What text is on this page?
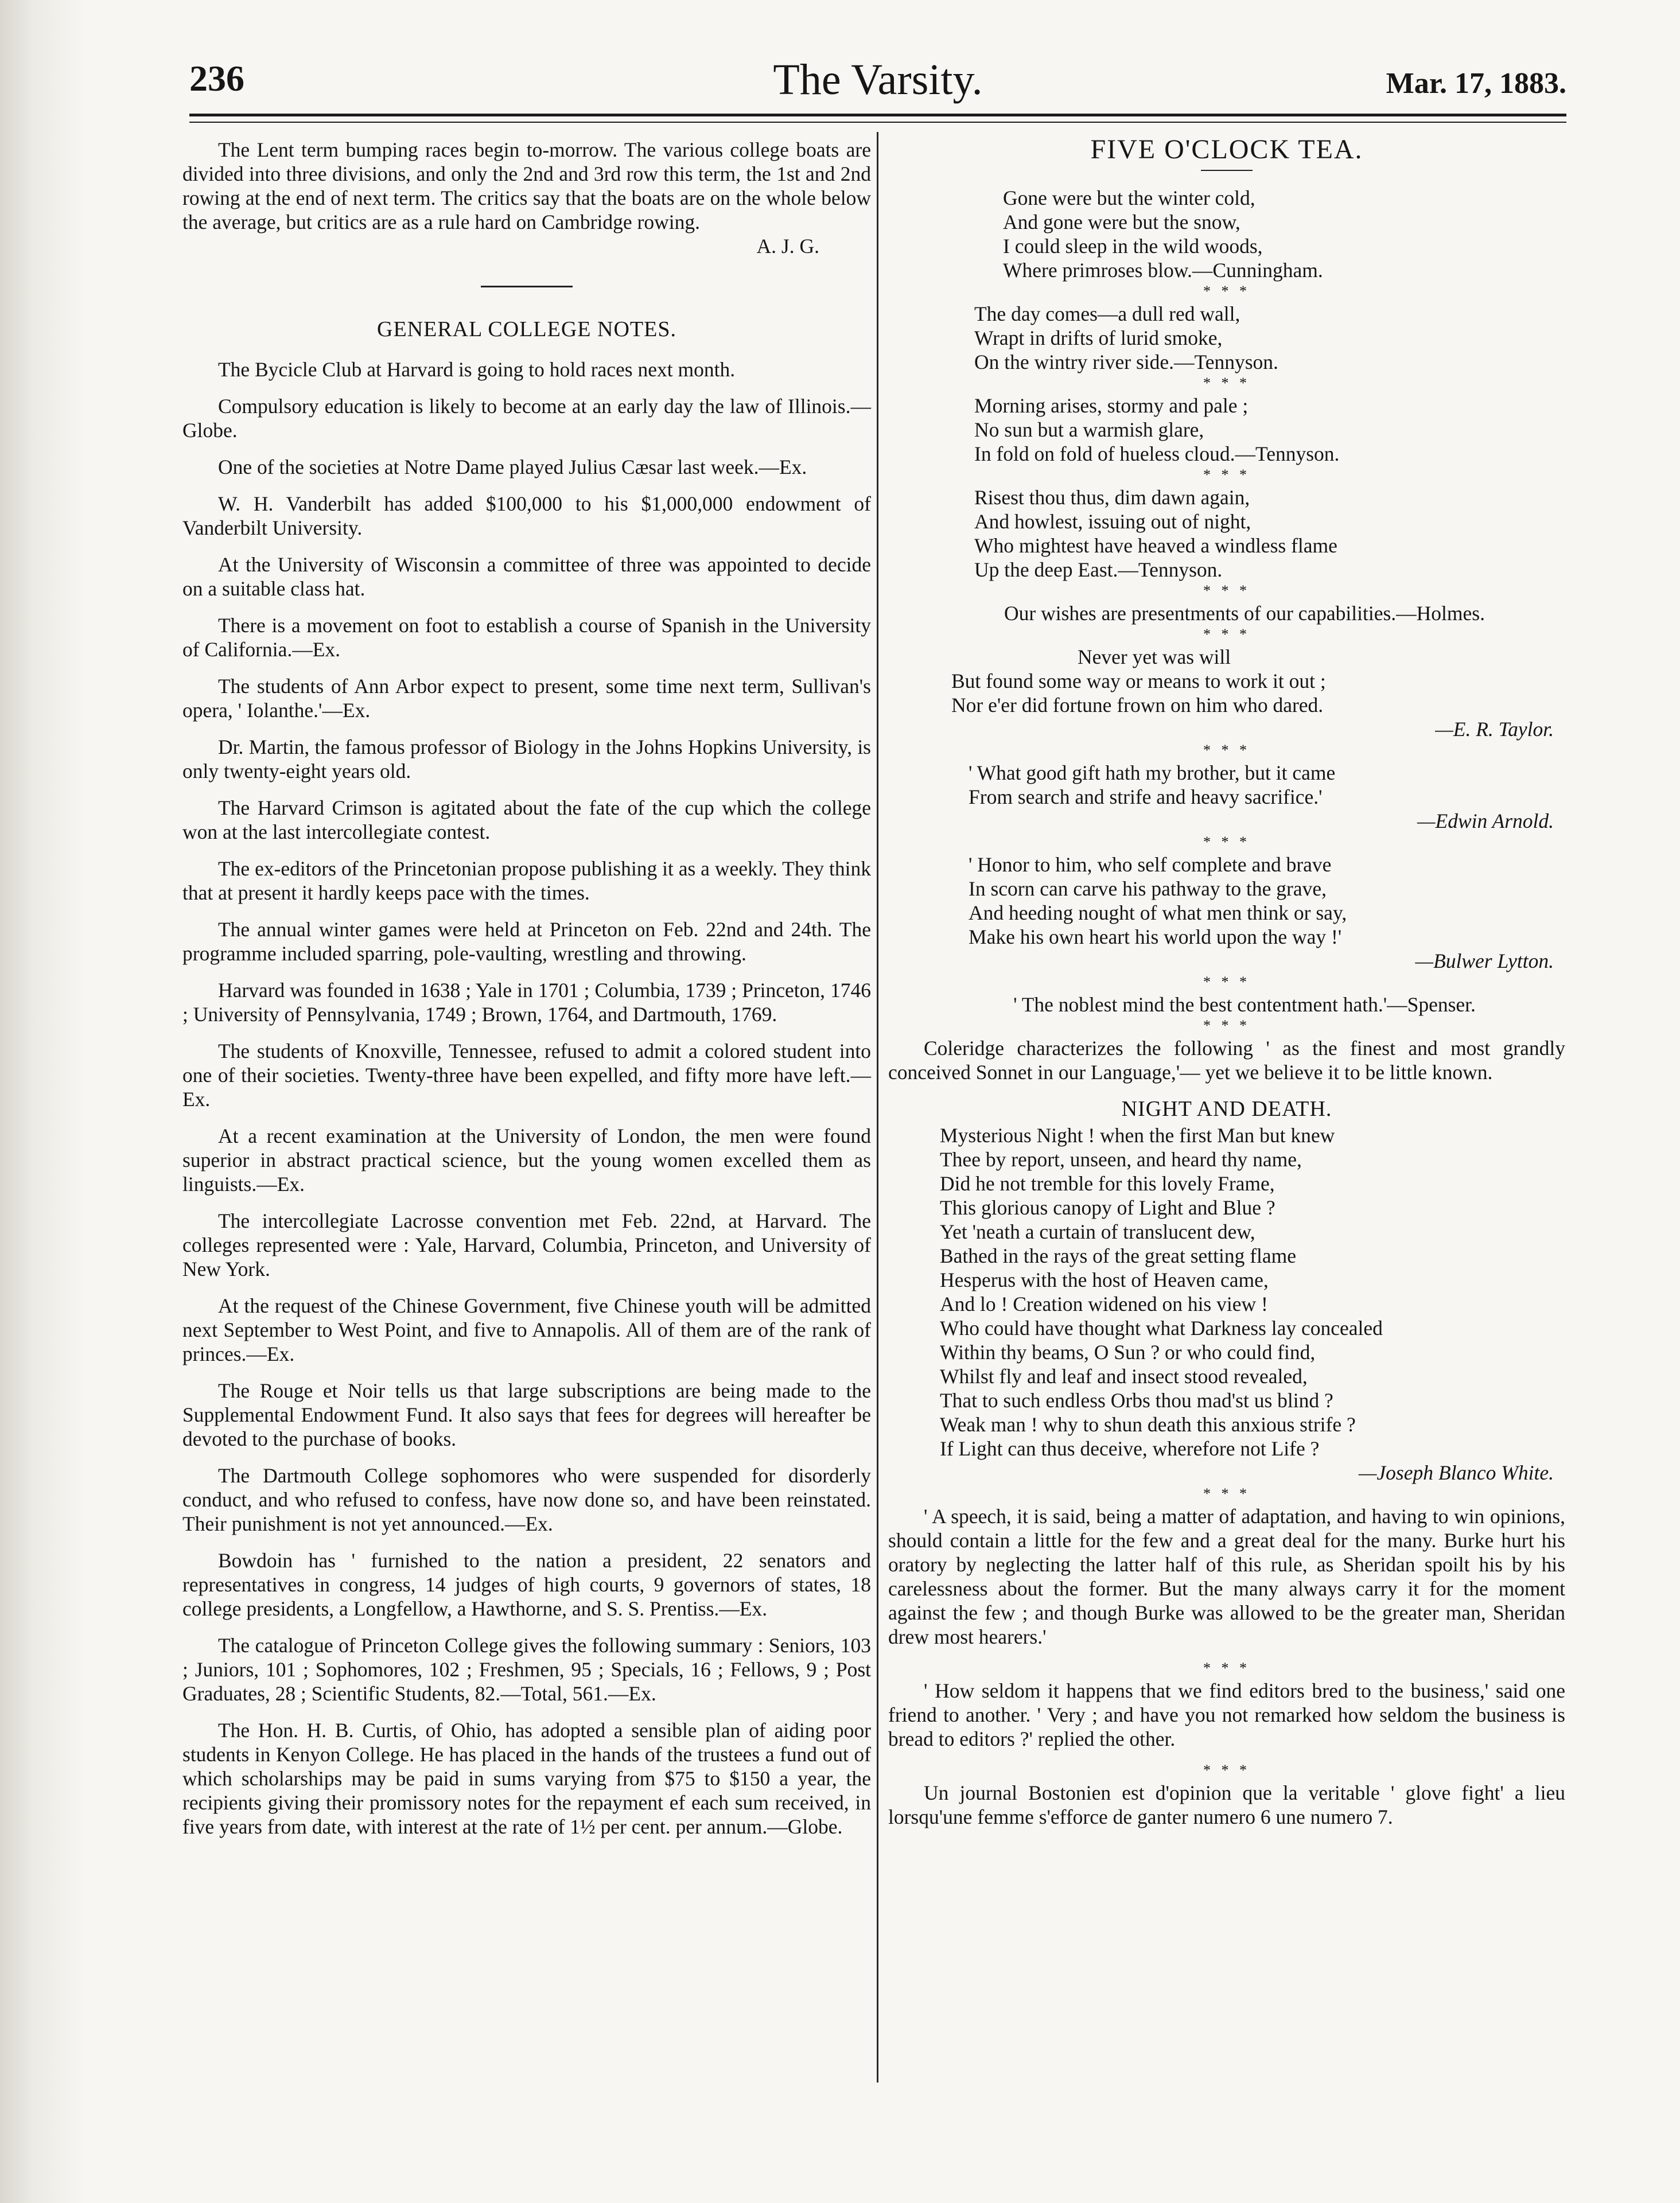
236	The Varsity.	Mar. 17, 1883.

The Lent term bumping races begin to-morrow. The various college boats are divided into three divisions, and only the 2nd and 3rd row this term, the 1st and 2nd rowing at the end of next term. The critics say that the boats are on the whole below the average, but critics are as a rule hard on Cambridge rowing.

A. J. G.

GENERAL COLLEGE NOTES.

The Bycicle Club at Harvard is going to hold races next month.

Compulsory education is likely to become at an early day the law of Illinois.—Globe.

One of the societies at Notre Dame played Julius Cæsar last week.—Ex.

W. H. Vanderbilt has added $100,000 to his $1,000,000 endowment of Vanderbilt University.

At the University of Wisconsin a committee of three was appointed to decide on a suitable class hat.

There is a movement on foot to establish a course of Spanish in the University of California.—Ex.

The students of Ann Arbor expect to present, some time next term, Sullivan's opera, ' Iolanthe.'—Ex.

Dr. Martin, the famous professor of Biology in the Johns Hopkins University, is only twenty-eight years old.

The Harvard Crimson is agitated about the fate of the cup which the college won at the last intercollegiate contest.

The ex-editors of the Princetonian propose publishing it as a weekly. They think that at present it hardly keeps pace with the times.

The annual winter games were held at Princeton on Feb. 22nd and 24th. The programme included sparring, pole-vaulting, wrestling and throwing.

Harvard was founded in 1638 ; Yale in 1701 ; Columbia, 1739 ; Princeton, 1746 ; University of Pennsylvania, 1749 ; Brown, 1764, and Dartmouth, 1769.

The students of Knoxville, Tennessee, refused to admit a colored student into one of their societies. Twenty-three have been expelled, and fifty more have left.—Ex.

At a recent examination at the University of London, the men were found superior in abstract practical science, but the young women excelled them as linguists.—Ex.

The intercollegiate Lacrosse convention met Feb. 22nd, at Harvard. The colleges represented were : Yale, Harvard, Columbia, Princeton, and University of New York.

At the request of the Chinese Government, five Chinese youth will be admitted next September to West Point, and five to Annapolis. All of them are of the rank of princes.—Ex.

The Rouge et Noir tells us that large subscriptions are being made to the Supplemental Endowment Fund. It also says that fees for degrees will hereafter be devoted to the purchase of books.

The Dartmouth College sophomores who were suspended for disorderly conduct, and who refused to confess, have now done so, and have been reinstated. Their punishment is not yet announced.—Ex.

Bowdoin has ' furnished to the nation a president, 22 senators and representatives in congress, 14 judges of high courts, 9 governors of states, 18 college presidents, a Longfellow, a Hawthorne, and S. S. Prentiss.—Ex.

The catalogue of Princeton College gives the following summary : Seniors, 103 ; Juniors, 101 ; Sophomores, 102 ; Freshmen, 95 ; Specials, 16 ; Fellows, 9 ; Post Graduates, 28 ; Scientific Students, 82.—Total, 561.—Ex.

The Hon. H. B. Curtis, of Ohio, has adopted a sensible plan of aiding poor students in Kenyon College. He has placed in the hands of the trustees a fund out of which scholarships may be paid in sums varying from $75 to $150 a year, the recipients giving their promissory notes for the repayment ef each sum received, in five years from date, with interest at the rate of 1½ per cent. per annum.—Globe.

FIVE O'CLOCK TEA.
Gone were but the winter cold,
And gone were but the snow,
I could sleep in the wild woods,
Where primroses blow.—Cunningham.
* * *
The day comes—a dull red wall,
Wrapt in drifts of lurid smoke,
On the wintry river side.—Tennyson.
* * *
Morning arises, stormy and pale ;
No sun but a warmish glare,
In fold on fold of hueless cloud.—Tennyson.
* * *
Risest thou thus, dim dawn again,
And howlest, issuing out of night,
Who mightest have heaved a windless flame
Up the deep East.—Tennyson.
* * *

Our wishes are presentments of our capabilities.—Holmes.

* * *
Never yet was will
But found some way or means to work it out ;
Nor e'er did fortune frown on him who dared.
—E. R. Taylor.
* * *
' What good gift hath my brother, but it came
From search and strife and heavy sacrifice.'
—Edwin Arnold.
* * *
' Honor to him, who self complete and brave
In scorn can carve his pathway to the grave,
And heeding nought of what men think or say,
Make his own heart his world upon the way !'
—Bulwer Lytton.
* * *

' The noblest mind the best contentment hath.'—Spenser.

* * *

Coleridge characterizes the following ' as the finest and most grandly conceived Sonnet in our Language,'— yet we believe it to be little known.

NIGHT AND DEATH.
Mysterious Night ! when the first Man but knew
Thee by report, unseen, and heard thy name,
Did he not tremble for this lovely Frame,
This glorious canopy of Light and Blue ?
Yet 'neath a curtain of translucent dew,
Bathed in the rays of the great setting flame
Hesperus with the host of Heaven came,
And lo ! Creation widened on his view !
Who could have thought what Darkness lay concealed
Within thy beams, O Sun ? or who could find,
Whilst fly and leaf and insect stood revealed,
That to such endless Orbs thou mad'st us blind ?
Weak man ! why to shun death this anxious strife ?
If Light can thus deceive, wherefore not Life ?
—Joseph Blanco White.
* * *

' A speech, it is said, being a matter of adaptation, and having to win opinions, should contain a little for the few and a great deal for the many. Burke hurt his oratory by neglecting the latter half of this rule, as Sheridan spoilt his by his carelessness about the former. But the many always carry it for the moment against the few ; and though Burke was allowed to be the greater man, Sheridan drew most hearers.'

* * *

' How seldom it happens that we find editors bred to the business,' said one friend to another. ' Very ; and have you not remarked how seldom the business is bread to editors ?' replied the other.

* * *

Un journal Bostonien est d'opinion que la veritable ' glove fight' a lieu lorsqu'une femme s'efforce de ganter numero 6 une numero 7.
